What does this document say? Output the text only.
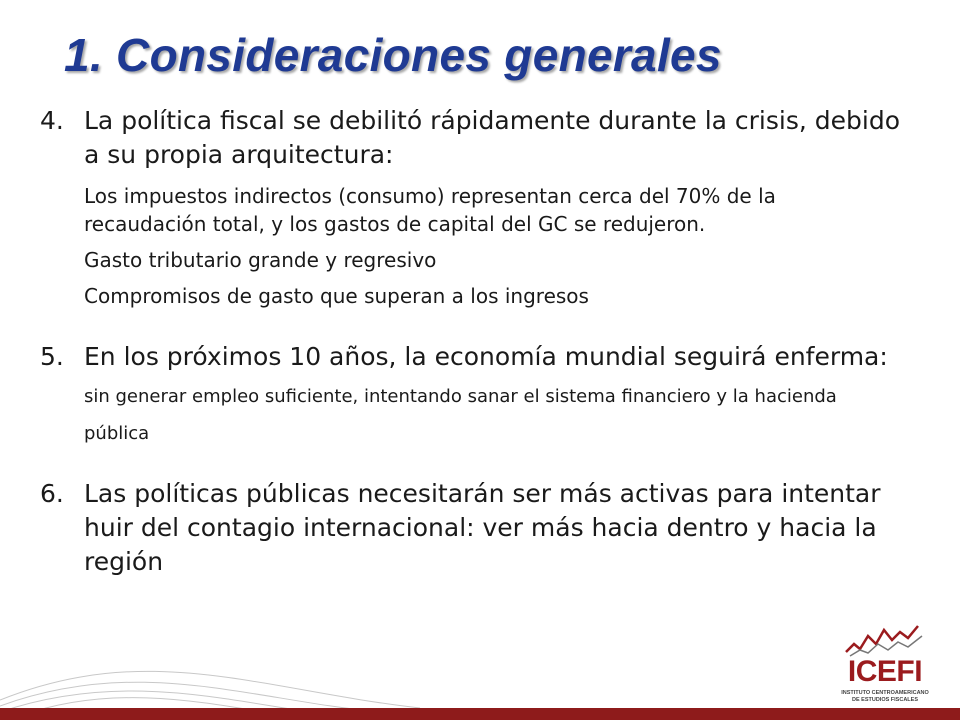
1. Consideraciones generales

4. La política fiscal se debilitó rápidamente durante la crisis, debido a su propia arquitectura:

Los impuestos indirectos (consumo) representan cerca del 70% de la recaudación total, y los gastos de capital del GC se redujeron.

Gasto tributario grande y regresivo

Compromisos de gasto que superan a los ingresos

5. En los próximos 10 años, la economía mundial seguirá enferma: sin generar empleo suficiente, intentando sanar el sistema financiero y la hacienda pública

6. Las políticas públicas necesitarán ser más activas para intentar huir del contagio internacional: ver más hacia dentro y hacia la región

ICEFI
INSTITUTO CENTROAMERICANO
DE ESTUDIOS FISCALES
